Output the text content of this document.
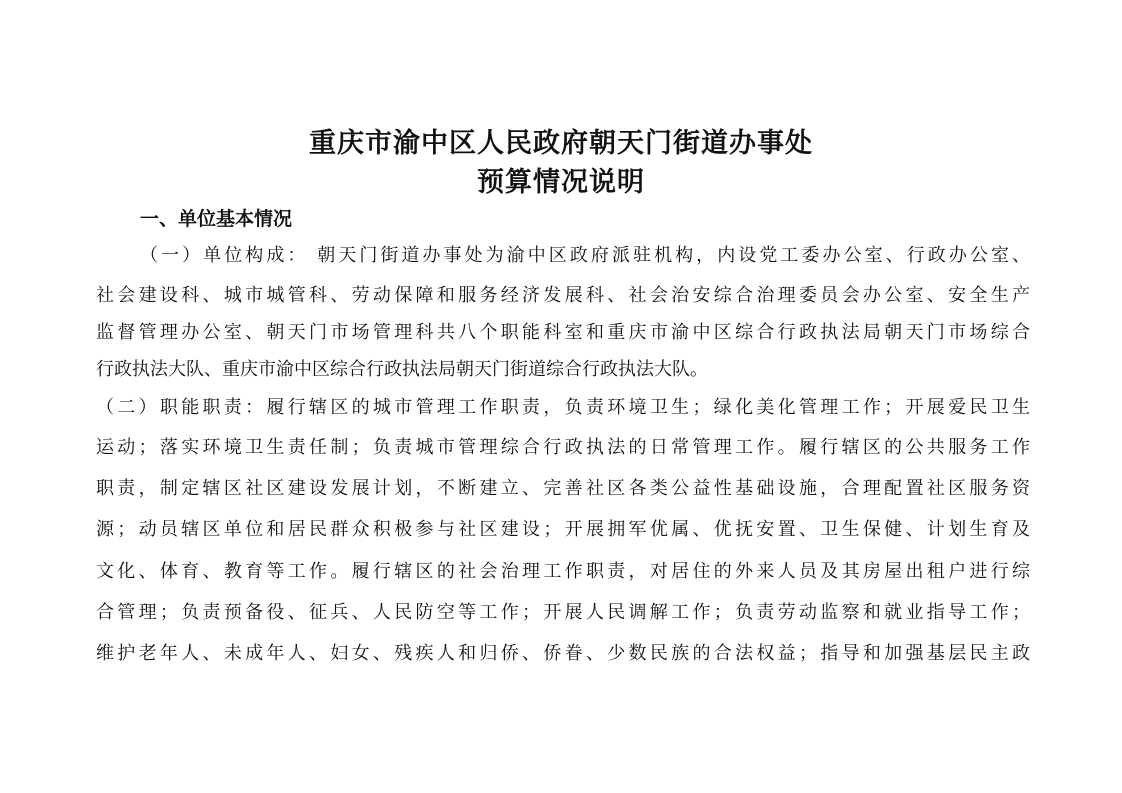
重庆市渝中区人民政府朝天门街道办事处
预算情况说明
一、单位基本情况
（一）单位构成： 朝天门街道办事处为渝中区政府派驻机构，内设党工委办公室、行政办公室、
社会建设科、城市城管科、劳动保障和服务经济发展科、社会治安综合治理委员会办公室、安全生产
监督管理办公室、朝天门市场管理科共八个职能科室和重庆市渝中区综合行政执法局朝天门市场综合
行政执法大队、重庆市渝中区综合行政执法局朝天门街道综合行政执法大队。
（二）职能职责：履行辖区的城市管理工作职责，负责环境卫生；绿化美化管理工作；开展爱民卫生
运动；落实环境卫生责任制；负责城市管理综合行政执法的日常管理工作。履行辖区的公共服务工作
职责，制定辖区社区建设发展计划，不断建立、完善社区各类公益性基础设施，合理配置社区服务资
源；动员辖区单位和居民群众积极参与社区建设；开展拥军优属、优抚安置、卫生保健、计划生育及
文化、体育、教育等工作。履行辖区的社会治理工作职责，对居住的外来人员及其房屋出租户进行综
合管理；负责预备役、征兵、人民防空等工作；开展人民调解工作；负责劳动监察和就业指导工作；
维护老年人、未成年人、妇女、残疾人和归侨、侨眷、少数民族的合法权益；指导和加强基层民主政
